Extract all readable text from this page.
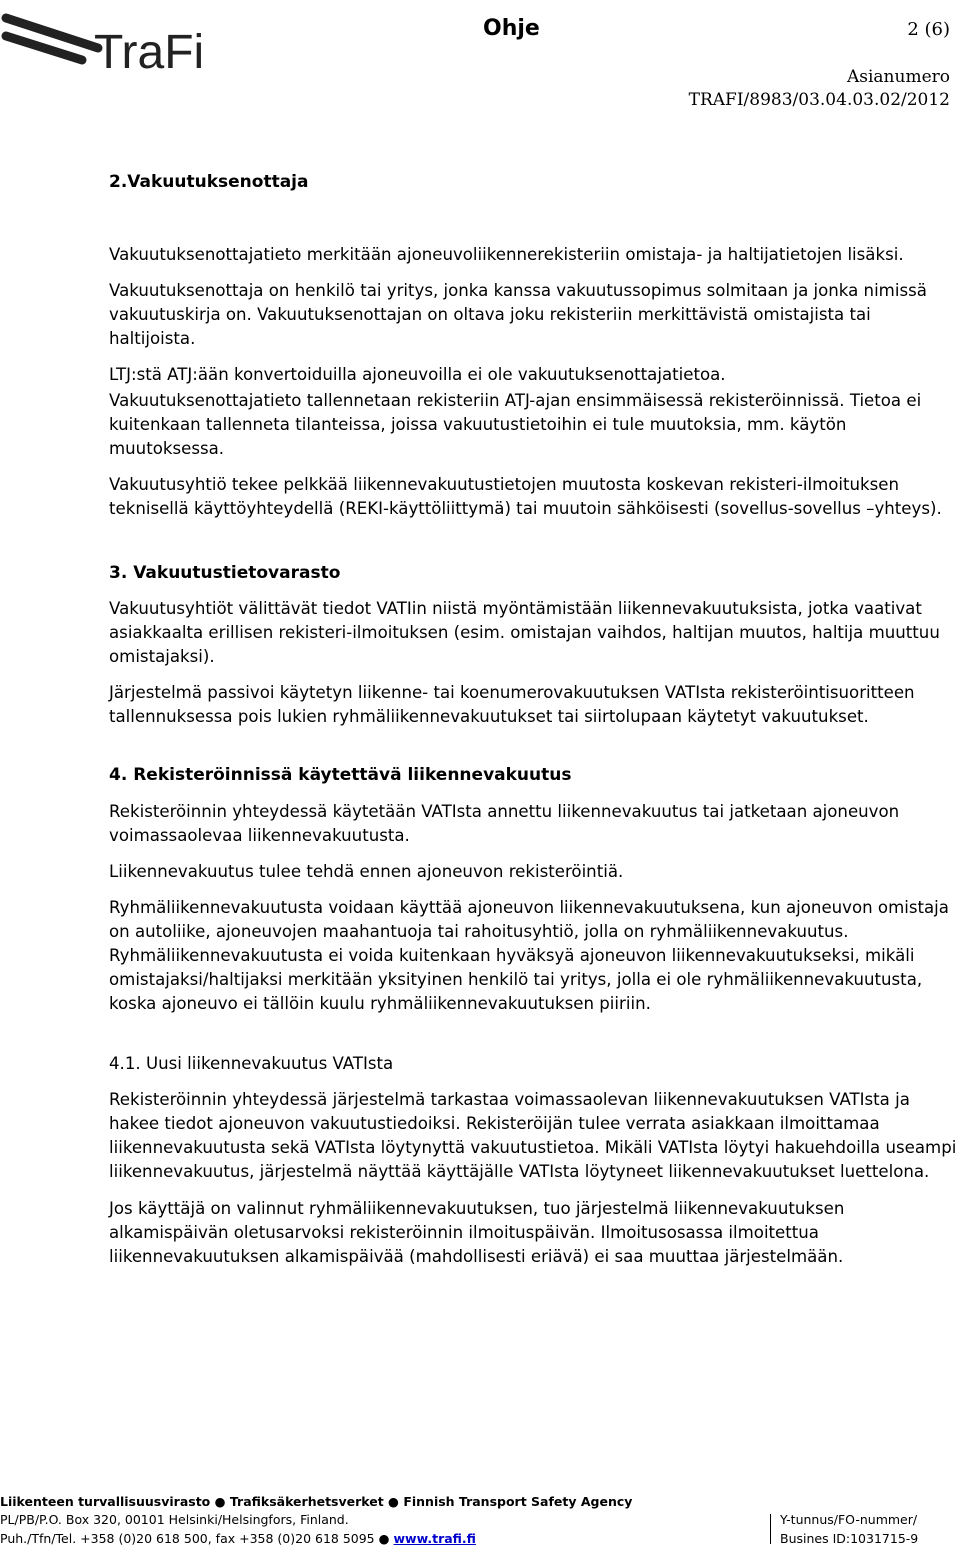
TraFi	Ohje	2 (6)
Asianumero
TRAFI/8983/03.04.03.02/2012
2.Vakuutuksenottaja

Vakuutuksenottajatieto merkitään ajoneuvoliikennerekisteriin omistaja- ja haltijatietojen lisäksi.

Vakuutuksenottaja on henkilö tai yritys, jonka kanssa vakuutussopimus solmitaan ja jonka nimissä vakuutuskirja on. Vakuutuksenottajan on oltava joku rekisteriin merkittävistä omistajista tai haltijoista.

LTJ:stä ATJ:ään konvertoiduilla ajoneuvoilla ei ole vakuutuksenottajatietoa.

Vakuutuksenottajatieto tallennetaan rekisteriin ATJ-ajan ensimmäisessä rekisteröinnissä. Tietoa ei kuitenkaan tallenneta tilanteissa, joissa vakuutustietoihin ei tule muutoksia, mm. käytön muutoksessa.

Vakuutusyhtiö tekee pelkkää liikennevakuutustietojen muutosta koskevan rekisteri-ilmoituksen teknisellä käyttöyhteydellä (REKI-käyttöliittymä) tai muutoin sähköisesti (sovellus-sovellus –yhteys).

3. Vakuutustietovarasto

Vakuutusyhtiöt välittävät tiedot VATIin niistä myöntämistään liikennevakuutuksista, jotka vaativat asiakkaalta erillisen rekisteri-ilmoituksen (esim. omistajan vaihdos, haltijan muutos, haltija muuttuu omistajaksi).

Järjestelmä passivoi käytetyn liikenne- tai koenumerovakuutuksen VATIsta rekisteröintisuoritteen tallennuksessa pois lukien ryhmäliikennevakuutukset tai siirtolupaan käytetyt vakuutukset.

4. Rekisteröinnissä käytettävä liikennevakuutus

Rekisteröinnin yhteydessä käytetään VATIsta annettu liikennevakuutus tai jatketaan ajoneuvon voimassaolevaa liikennevakuutusta.

Liikennevakuutus tulee tehdä ennen ajoneuvon rekisteröintiä.

Ryhmäliikennevakuutusta voidaan käyttää ajoneuvon liikennevakuutuksena, kun ajoneuvon omistaja on autoliike, ajoneuvojen maahantuoja tai rahoitusyhtiö, jolla on ryhmäliikennevakuutus. Ryhmäliikennevakuutusta ei voida kuitenkaan hyväksyä ajoneuvon liikennevakuutukseksi, mikäli omistajaksi/haltijaksi merkitään yksityinen henkilö tai yritys, jolla ei ole ryhmäliikennevakuutusta, koska ajoneuvo ei tällöin kuulu ryhmäliikennevakuutuksen piiriin.

4.1. Uusi liikennevakuutus VATIsta

Rekisteröinnin yhteydessä järjestelmä tarkastaa voimassaolevan liikennevakuutuksen VATIsta ja hakee tiedot ajoneuvon vakuutustiedoiksi. Rekisteröijän tulee verrata asiakkaan ilmoittamaa liikennevakuutusta sekä VATIsta löytynyttä vakuutustietoa. Mikäli VATIsta löytyi hakuehdoilla useampi liikennevakuutus, järjestelmä näyttää käyttäjälle VATIsta löytyneet liikennevakuutukset luettelona.

Jos käyttäjä on valinnut ryhmäliikennevakuutuksen, tuo järjestelmä liikennevakuutuksen alkamispäivän oletusarvoksi rekisteröinnin ilmoituspäivän. Ilmoitusosassa ilmoitettua liikennevakuutuksen alkamispäivää (mahdollisesti eriävä) ei saa muuttaa järjestelmään.

Liikenteen turvallisuusvirasto ● Trafiksäkerhetsverket ● Finnish Transport Safety Agency
PL/PB/P.O. Box 320, 00101 Helsinki/Helsingfors, Finland.
Puh./Tfn/Tel. +358 (0)20 618 500, fax +358 (0)20 618 5095 ● www.trafi.fi
Y-tunnus/FO-nummer/
Busines ID:1031715-9
